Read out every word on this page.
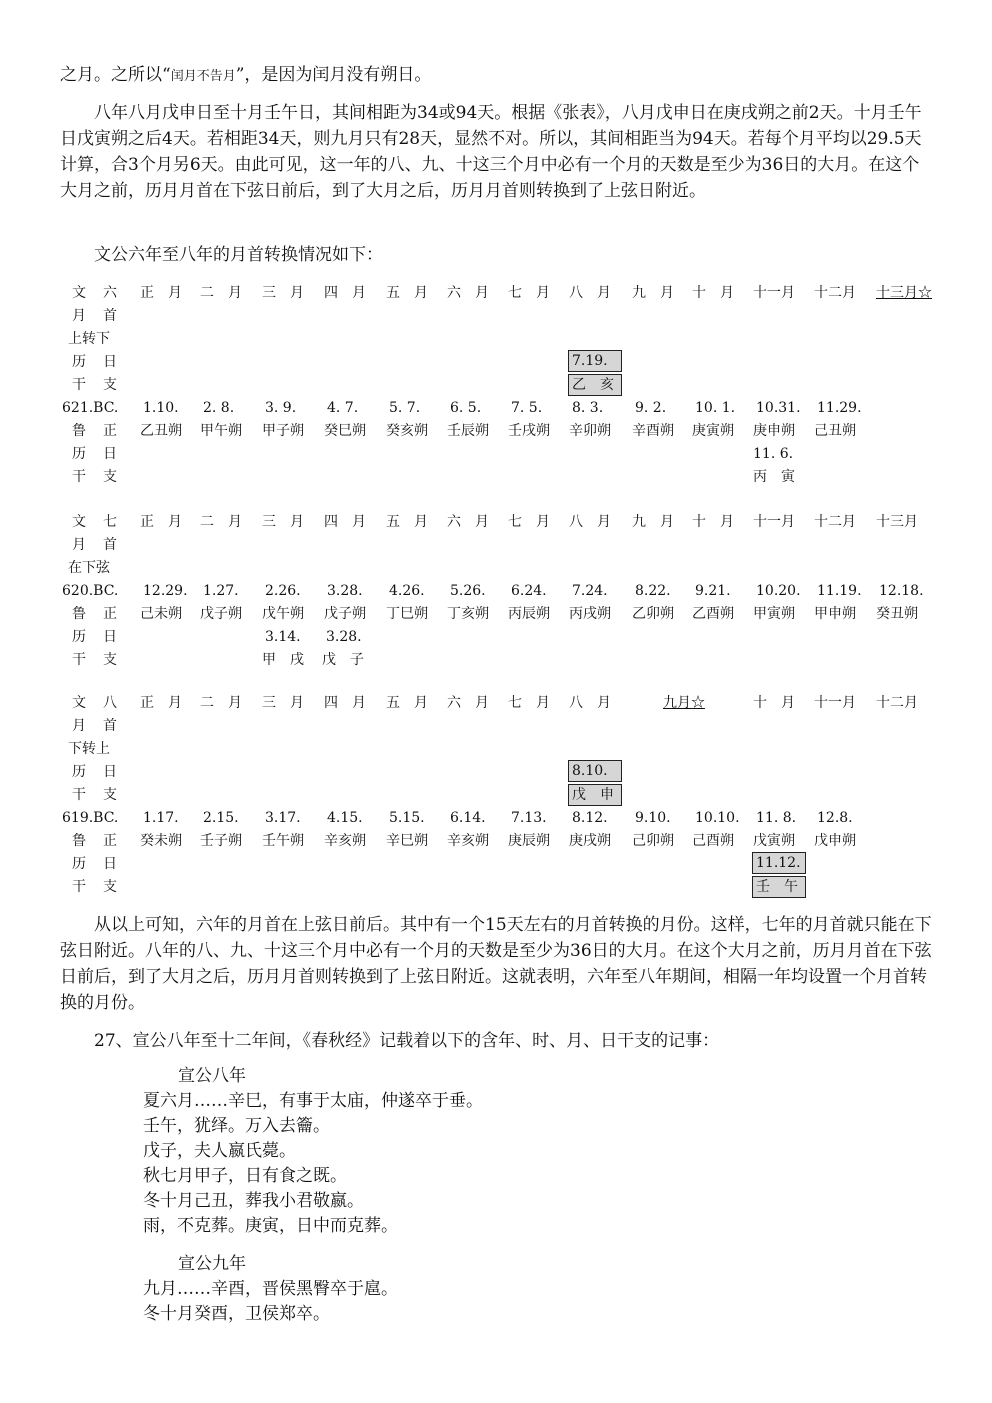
之月。之所以“闰月不告月”，是因为闰月没有朔日。

八年八月戊申日至十月壬午日，其间相距为34或94天。根据《张表》，八月戊申日在庚戌朔之前2天。十月壬午日戊寅朔之后4天。若相距34天，则九月只有28天，显然不对。所以，其间相距当为94天。若每个月平均以29.5天计算，合3个月另6天。由此可见，这一年的八、九、十这三个月中必有一个月的天数是至少为36日的大月。在这个大月之前，历月月首在下弦日前后，到了大月之后，历月月首则转换到了上弦日附近。

文公六年至八年的月首转换情况如下：

文 六 正　月 二　月 三　月 四　月 五　月 六　月 七　月 八　月 九　月 十　月 十一月 十二月 十三月☆
月 首
上转下
历 日
干 支
7.19.
乙　亥
621.BC. 1.10. 2. 8. 3. 9. 4. 7. 5. 7. 6. 5. 7. 5. 8. 3. 9. 2. 10. 1. 10.31. 11.29.
鲁 正 乙丑朔 甲午朔 甲子朔 癸巳朔 癸亥朔 壬辰朔 壬戌朔 辛卯朔 辛酉朔 庚寅朔 庚申朔 己丑朔
历 日
干 支
11. 6.
丙　寅
文 七 正　月 二　月 三　月 四　月 五　月 六　月 七　月 八　月 九　月 十　月 十一月 十二月 十三月
月 首
在下弦
620.BC. 12.29. 1.27. 2.26. 3.28. 4.26. 5.26. 6.24. 7.24. 8.22. 9.21. 10.20. 11.19. 12.18.
鲁 正 己未朔 戊子朔 戊午朔 戊子朔 丁巳朔 丁亥朔 丙辰朔 丙戌朔 乙卯朔 乙酉朔 甲寅朔 甲申朔 癸丑朔
历 日
干 支
3.14. 3.28.
甲　戌 戊　子
文 八 正　月 二　月 三　月 四　月 五　月 六　月 七　月 八　月	九月☆	十　月 十一月 十二月
月 首
下转上
历 日
干 支
8.10.
戊　申
619.BC. 1.17. 2.15. 3.17. 4.15. 5.15. 6.14. 7.13. 8.12. 9.10. 10.10. 11. 8. 12.8.
鲁 正 癸未朔 壬子朔 壬午朔 辛亥朔 辛巳朔 辛亥朔 庚辰朔 庚戌朔 己卯朔 己酉朔 戊寅朔 戊申朔
历 日
干 支
11.12.
壬　午

从以上可知，六年的月首在上弦日前后。其中有一个15天左右的月首转换的月份。这样，七年的月首就只能在下弦日附近。八年的八、九、十这三个月中必有一个月的天数是至少为36日的大月。在这个大月之前，历月月首在下弦日前后，到了大月之后，历月月首则转换到了上弦日附近。这就表明，六年至八年期间，相隔一年均设置一个月首转换的月份。

27、宣公八年至十二年间，《春秋经》记载着以下的含年、时、月、日干支的记事：

宣公八年
夏六月……辛巳，有事于太庙，仲遂卒于垂。
壬午，犹绎。万入去籥。
戊子，夫人嬴氏薨。
秋七月甲子，日有食之既。
冬十月己丑，葬我小君敬嬴。
雨，不克葬。庚寅，日中而克葬。
宣公九年
九月……辛酉，晋侯黑臀卒于扈。
冬十月癸酉，卫侯郑卒。
